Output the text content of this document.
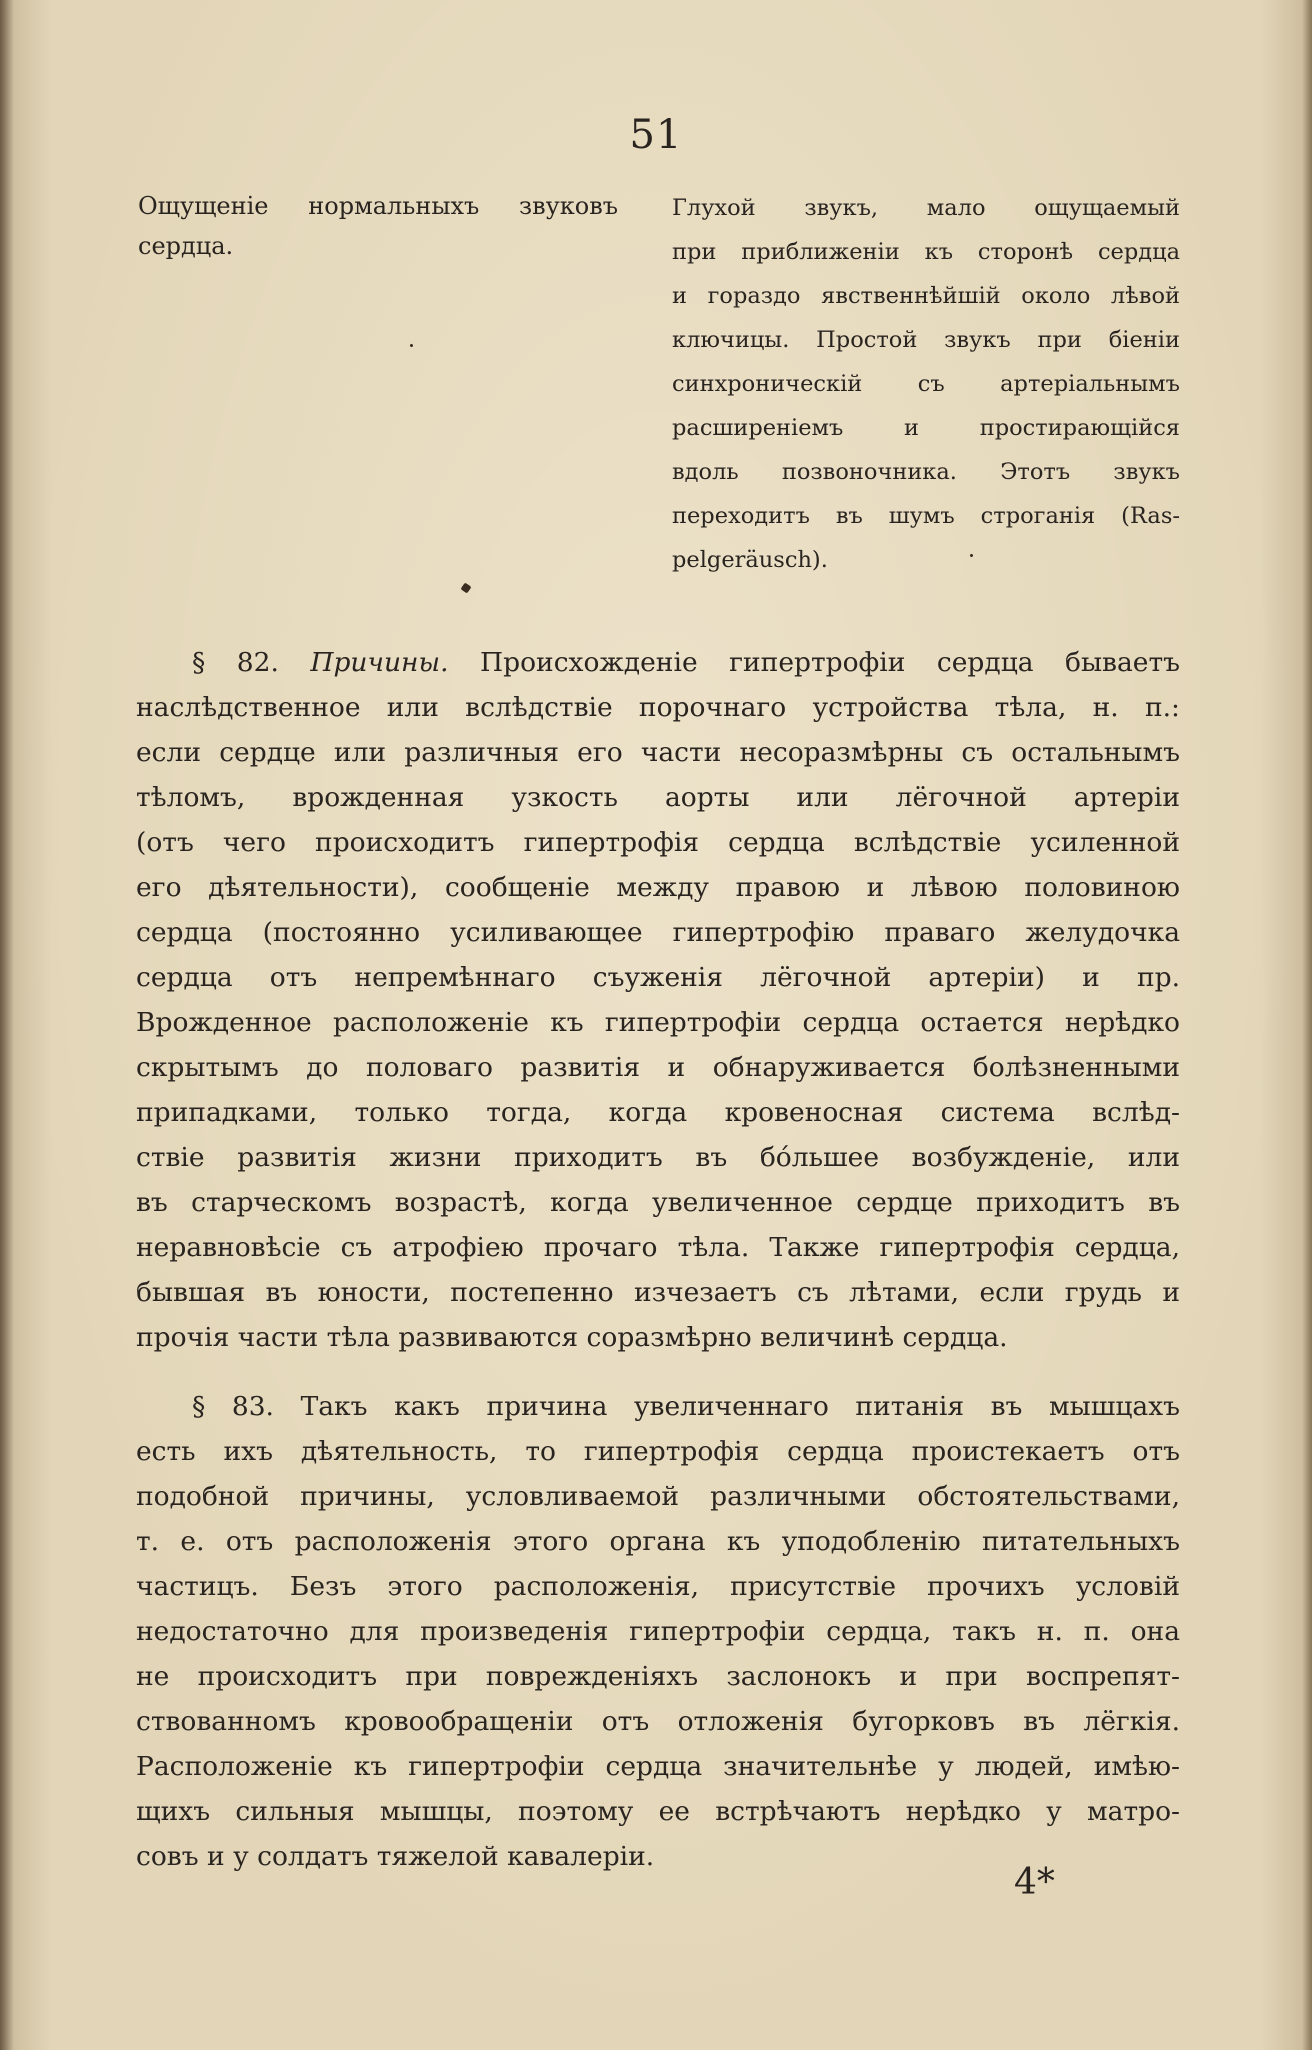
51
Ощущеніе нормальныхъ звуковъ сердца.
Глухой звукъ, мало ощущаемый
при приближеніи къ сторонѣ сердца
и гораздо явственнѣйшій около лѣвой
ключицы. Простой звукъ при біеніи
синхроническій съ артеріальнымъ
расширеніемъ и простирающійся
вдоль позвоночника. Этотъ звукъ
переходитъ въ шумъ строганія (Ras-
pelgeräusch).
§ 82. Причины. Происхожденіе гипертрофіи сердца бываетъ
наслѣдственное или вслѣдствіе порочнаго устройства тѣла, н. п.:
если сердце или различныя его части несоразмѣрны съ остальнымъ
тѣломъ, врожденная узкость аорты или лёгочной артеріи
(отъ чего происходитъ гипертрофія сердца вслѣдствіе усиленной
его дѣятельности), сообщеніе между правою и лѣвою половиною
сердца (постоянно усиливающее гипертрофію праваго желудочка
сердца отъ непремѣннаго съуженія лёгочной артеріи) и пр.
Врожденное расположеніе къ гипертрофіи сердца остается нерѣдко
скрытымъ до половаго развитія и обнаруживается болѣзненными
припадками, только тогда, когда кровеносная система вслѣд-
ствіе развитія жизни приходитъ въ бóльшее возбужденіе, или
въ старческомъ возрастѣ, когда увеличенное сердце приходитъ въ
неравновѣсіе съ атрофіею прочаго тѣла. Также гипертрофія сердца,
бывшая въ юности, постепенно изчезаетъ съ лѣтами, если грудь и
прочія части тѣла развиваются соразмѣрно величинѣ сердца.
§ 83. Такъ какъ причина увеличеннаго питанія въ мышцахъ
есть ихъ дѣятельность, то гипертрофія сердца проистекаетъ отъ
подобной причины, условливаемой различными обстоятельствами,
т. е. отъ расположенія этого органа къ уподобленію питательныхъ
частицъ. Безъ этого расположенія, присутствіе прочихъ условій
недостаточно для произведенія гипертрофіи сердца, такъ н. п. она
не происходитъ при поврежденіяхъ заслонокъ и при воспрепят-
ствованномъ кровообращеніи отъ отложенія бугорковъ въ лёгкія.
Расположеніе къ гипертрофіи сердца значительнѣе у людей, имѣю-
щихъ сильныя мышцы, поэтому ее встрѣчаютъ нерѣдко у матро-
совъ и у солдатъ тяжелой кавалеріи.
4*
